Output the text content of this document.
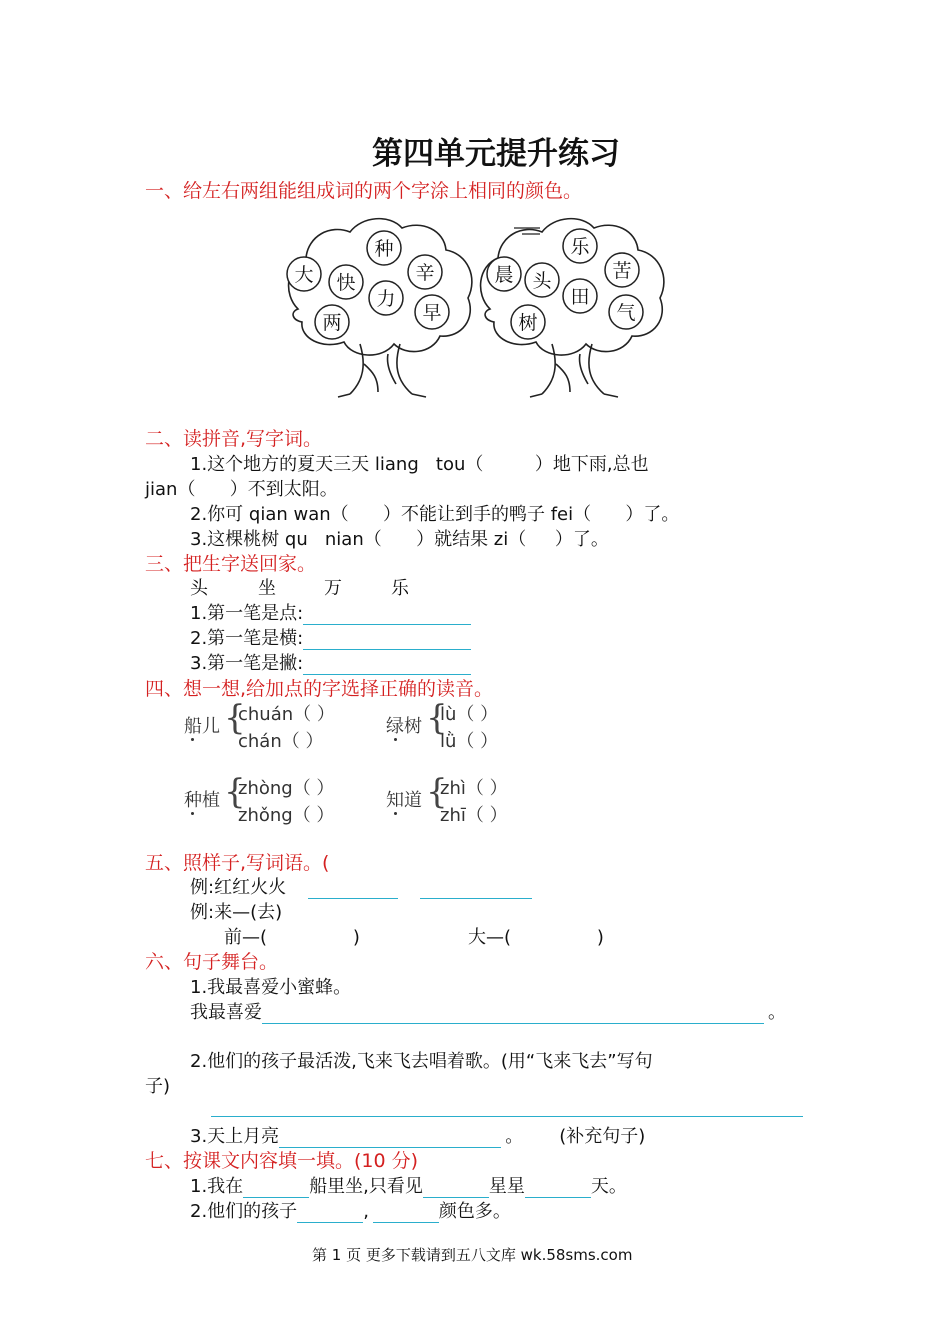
第四单元提升练习
一、给左右两组能组成词的两个字涂上相同的颜色。
种
大 快	辛
力
两	早
乐
晨 头	苦
田
树	气
二、读拼音,写字词。
1.这个地方的夏天三天 liang   tou（         ）地下雨,总也
jian（      ）不到太阳。
2.你可 qian wan（      ）不能让到手的鸭子 fei（      ）了。
3.这棵桃树 qu   nian（      ）就结果 zi（     ）了。
三、把生字送回家。
头	坐	万	乐
1.第一笔是点:
2.第一笔是横:
3.第一笔是撇:
四、想一想,给加点的字选择正确的读音。
船儿 {
chuán（ ）
chán（ ）
绿树 {
lù（ ）
lǜ（ ）
种植 {
zhòng（ ）
zhǒng（ ）
知道 {
zhì（ ）
zhī（ ）
五、照样子,写词语。(
例:红红火火
例:来—(去)
前—(               )	大—(               )
六、句子舞台。
1.我最喜爱小蜜蜂。
我最喜爱	。
2.他们的孩子最活泼,飞来飞去唱着歌。(用“飞来飞去”写句
子)
3.天上月亮	。 (补充句子)
七、按课文内容填一填。(10 分)
1.我在	船里坐,只看见	星星	天。
2.他们的孩子	,	颜色多。
第 1 页 更多下载请到五八文库 wk.58sms.com
